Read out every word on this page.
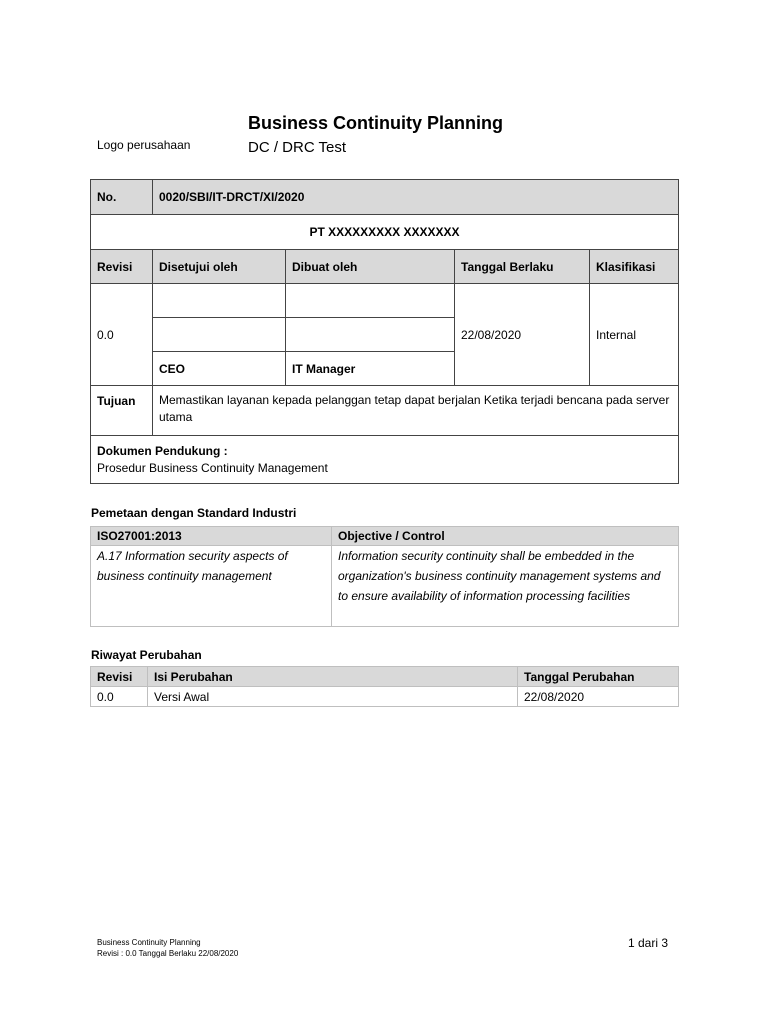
Logo perusahaan
Business Continuity Planning
DC / DRC Test
No.	0020/SBI/IT-DRCT/XI/2020			
PT XXXXXXXXX XXXXXXX				
Revisi	Disetujui oleh	Dibuat oleh	Tanggal Berlaku	Klasifikasi
0.0			22/08/2020	Internal

	CEO	IT Manager		
Tujuan	Memastikan layanan kepada pelanggan tetap dapat berjalan Ketika terjadi bencana pada server utama			

Dokumen Pendukung :
Prosedur Business Continuity Management				
Pemetaan dengan Standard Industri
ISO27001:2013	Objective / Control
A.17 Information security aspects of business continuity management	Information security continuity shall be embedded in the organization's business continuity management systems and to ensure availability of information processing facilities
Riwayat Perubahan
Revisi	Isi Perubahan	Tanggal Perubahan
0.0	Versi Awal	22/08/2020
Business Continuity Planning
Revisi : 0.0 Tanggal Berlaku 22/08/2020
1 dari 3
